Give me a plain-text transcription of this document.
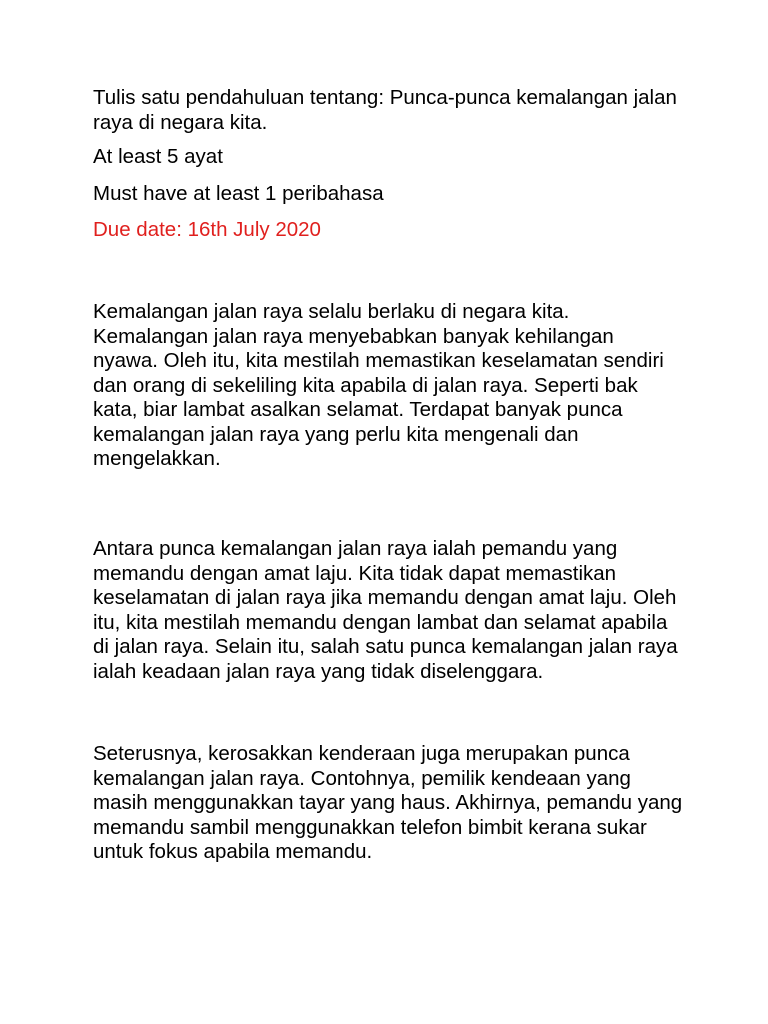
Tulis satu pendahuluan tentang: Punca-punca kemalangan jalan raya di negara kita.
At least 5 ayat
Must have at least 1 peribahasa
Due date: 16th July 2020

Kemalangan jalan raya selalu berlaku di negara kita. Kemalangan jalan raya menyebabkan banyak kehilangan nyawa. Oleh itu, kita mestilah memastikan keselamatan sendiri dan orang di sekeliling kita apabila di jalan raya. Seperti bak kata, biar lambat asalkan selamat. Terdapat banyak punca kemalangan jalan raya yang perlu kita mengenali dan mengelakkan.

Antara punca kemalangan jalan raya ialah pemandu yang memandu dengan amat laju. Kita tidak dapat memastikan keselamatan di jalan raya jika memandu dengan amat laju. Oleh itu, kita mestilah memandu dengan lambat dan selamat apabila di jalan raya. Selain itu, salah satu punca kemalangan jalan raya ialah keadaan jalan raya yang tidak diselenggara.

Seterusnya, kerosakkan kenderaan juga merupakan punca kemalangan jalan raya. Contohnya, pemilik kendeaan yang masih menggunakkan tayar yang haus. Akhirnya, pemandu yang memandu sambil menggunakkan telefon bimbit kerana sukar untuk fokus apabila memandu.
